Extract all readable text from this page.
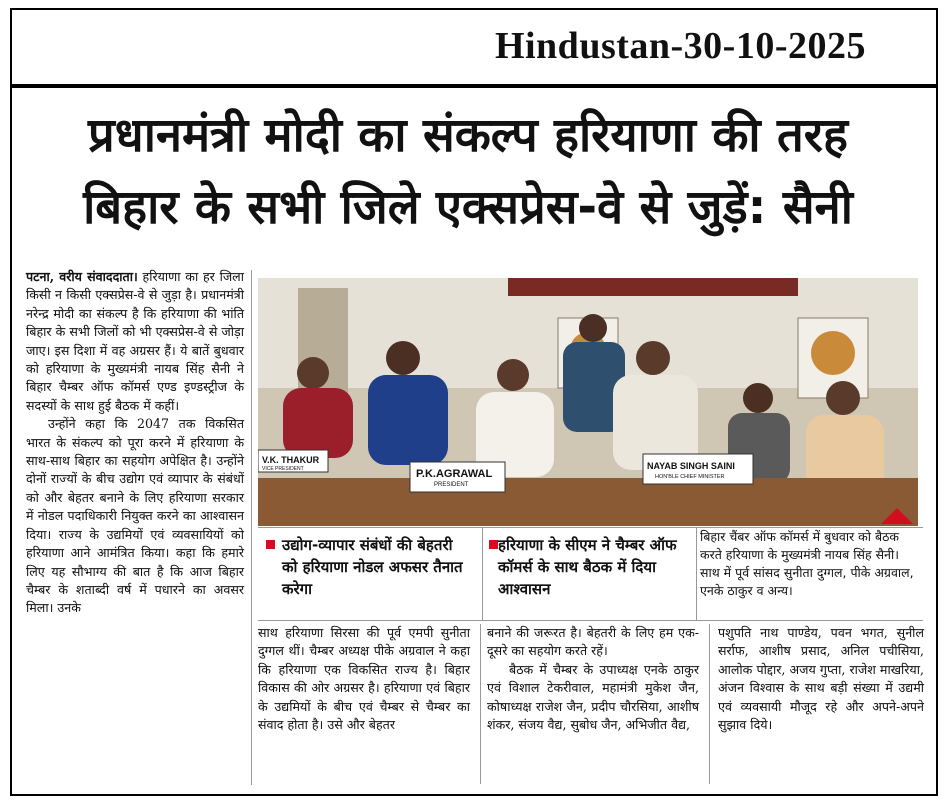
Hindustan-30-10-2025
प्रधानमंत्री मोदी का संकल्प हरियाणा की तरह
बिहार के सभी जिले एक्सप्रेस-वे से जुड़ें: सैनी

पटना, वरीय संवाददाता। हरियाणा का हर जिला किसी न किसी एक्सप्रेस-वे से जुड़ा है। प्रधानमंत्री नरेन्द्र मोदी का संकल्प है कि हरियाणा की भांति बिहार के सभी जिलों को भी एक्सप्रेस-वे से जोड़ा जाए। इस दिशा में वह अग्रसर हैं। ये बातें बुधवार को हरियाणा के मुख्यमंत्री नायब सिंह सैनी ने बिहार चैम्बर ऑफ कॉमर्स एण्ड इण्डस्ट्रीज के सदस्यों के साथ हुई बैठक में कहीं।

उन्होंने कहा कि 2047 तक विकसित भारत के संकल्प को पूरा करने में हरियाणा के साथ-साथ बिहार का सहयोग अपेक्षित है। उन्होंने दोनों राज्यों के बीच उद्योग एवं व्यापार के संबंधों को और बेहतर बनाने के लिए हरियाणा सरकार में नोडल पदाधिकारी नियुक्त करने का आश्वासन दिया। राज्य के उद्यमियों एवं व्यवसायियों को हरियाणा आने आमंत्रित किया। कहा कि हमारे लिए यह सौभाग्य की बात है कि आज बिहार चैम्बर के शताब्दी वर्ष में पधारने का अवसर मिला। उनके

V.K. THAKUR
VICE PRESIDENT	P.K.AGRAWAL
PRESIDENT
NAYAB SINGH SAINI
HON'BLE CHIEF MINISTER
उद्योग-व्यापार संबंधों की बेहतरी को हरियाणा नोडल अफसर तैनात करेगा
हरियाणा के सीएम ने चैम्बर ऑफ कॉमर्स के साथ बैठक में दिया आश्वासन
बिहार चैंबर ऑफ कॉमर्स में बुधवार को बैठक करते हरियाणा के मुख्यमंत्री नायब सिंह सैनी। साथ में पूर्व सांसद सुनीता दुग्गल, पीके अग्रवाल, एनके ठाकुर व अन्य।

साथ हरियाणा सिरसा की पूर्व एमपी सुनीता दुग्गल थीं। चैम्बर अध्यक्ष पीके अग्रवाल ने कहा कि हरियाणा एक विकसित राज्य है। बिहार विकास की ओर अग्रसर है। हरियाणा एवं बिहार के उद्यमियों के बीच एवं चैम्बर से चैम्बर का संवाद होता है। उसे और बेहतर

बनाने की जरूरत है। बेहतरी के लिए हम एक-दूसरे का सहयोग करते रहें।

बैठक में चैम्बर के उपाध्यक्ष एनके ठाकुर एवं विशाल टेकरीवाल, महामंत्री मुकेश जैन, कोषाध्यक्ष राजेश जैन, प्रदीप चौरसिया, आशीष शंकर, संजय वैद्य, सुबोध जैन, अभिजीत वैद्य,

पशुपति नाथ पाण्डेय, पवन भगत, सुनील सर्राफ, आशीष प्रसाद, अनिल पचीसिया, आलोक पोद्दार, अजय गुप्ता, राजेश माखरिया, अंजन विश्वास के साथ बड़ी संख्या में उद्यमी एवं व्यवसायी मौजूद रहे और अपने-अपने सुझाव दिये।
